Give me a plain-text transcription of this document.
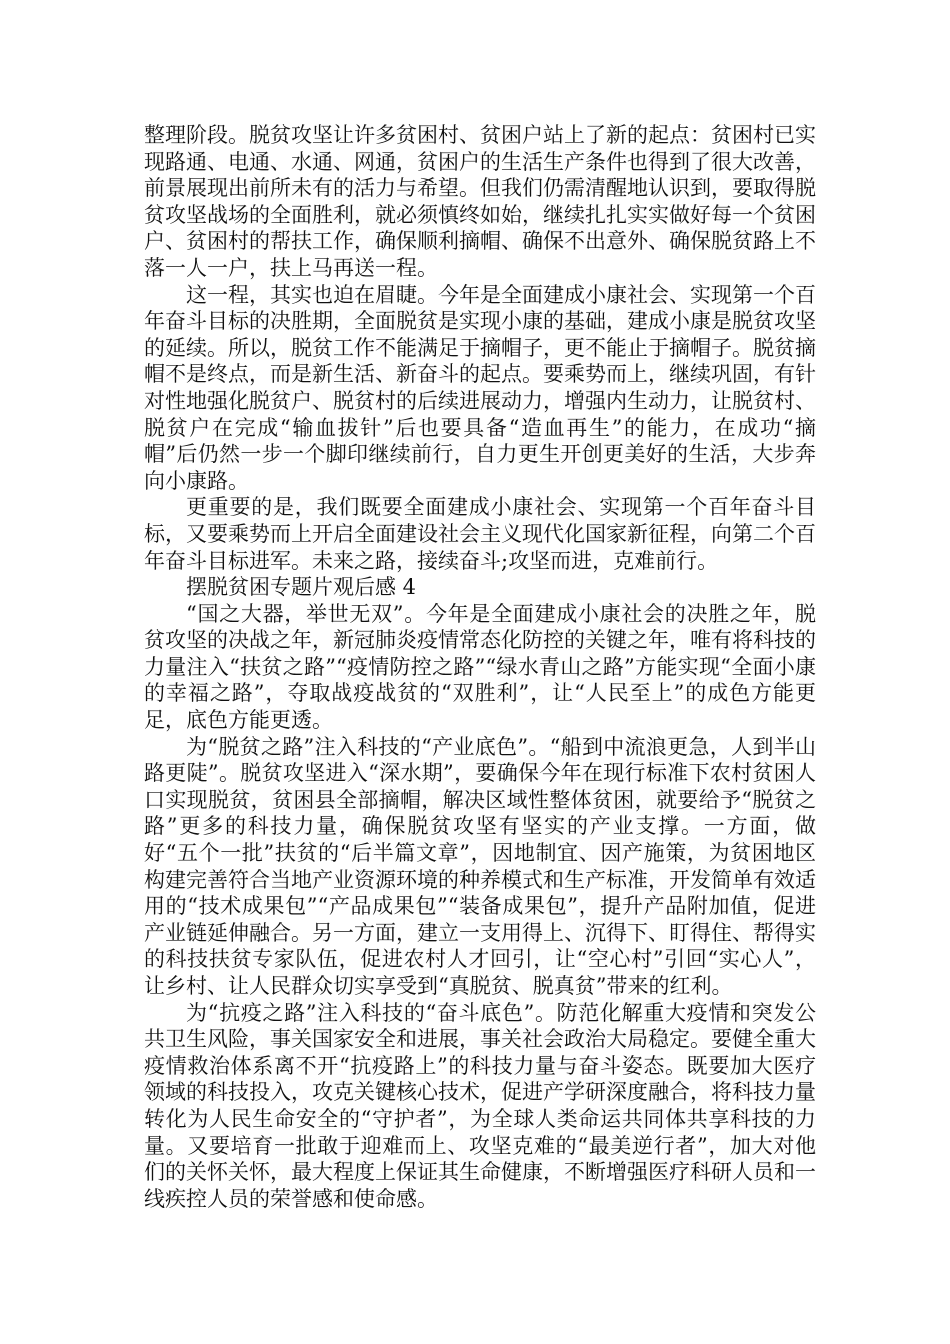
整理阶段。脱贫攻坚让许多贫困村、贫困户站上了新的起点：贫困村已实现路通、电通、水通、网通，贫困户的生活生产条件也得到了很大改善，前景展现出前所未有的活力与希望。但我们仍需清醒地认识到，要取得脱贫攻坚战场的全面胜利，就必须慎终如始，继续扎扎实实做好每一个贫困户、贫困村的帮扶工作，确保顺利摘帽、确保不出意外、确保脱贫路上不落一人一户，扶上马再送一程。

这一程，其实也迫在眉睫。今年是全面建成小康社会、实现第一个百年奋斗目标的决胜期，全面脱贫是实现小康的基础，建成小康是脱贫攻坚的延续。所以，脱贫工作不能满足于摘帽子，更不能止于摘帽子。脱贫摘帽不是终点，而是新生活、新奋斗的起点。要乘势而上，继续巩固，有针对性地强化脱贫户、脱贫村的后续进展动力，增强内生动力，让脱贫村、脱贫户在完成“输血拔针”后也要具备“造血再生”的能力，在成功“摘帽”后仍然一步一个脚印继续前行，自力更生开创更美好的生活，大步奔向小康路。

更重要的是，我们既要全面建成小康社会、实现第一个百年奋斗目标，又要乘势而上开启全面建设社会主义现代化国家新征程，向第二个百年奋斗目标进军。未来之路，接续奋斗;攻坚而进，克难前行。

摆脱贫困专题片观后感 4

“国之大器，举世无双”。今年是全面建成小康社会的决胜之年，脱贫攻坚的决战之年，新冠肺炎疫情常态化防控的关键之年，唯有将科技的力量注入“扶贫之路”“疫情防控之路”“绿水青山之路”方能实现“全面小康的幸福之路”，夺取战疫战贫的“双胜利”，让“人民至上”的成色方能更足，底色方能更透。

为“脱贫之路”注入科技的“产业底色”。“船到中流浪更急，人到半山路更陡”。脱贫攻坚进入“深水期”，要确保今年在现行标准下农村贫困人口实现脱贫，贫困县全部摘帽，解决区域性整体贫困，就要给予“脱贫之路”更多的科技力量，确保脱贫攻坚有坚实的产业支撑。一方面，做好“五个一批”扶贫的“后半篇文章”，因地制宜、因产施策，为贫困地区构建完善符合当地产业资源环境的种养模式和生产标准，开发简单有效适用的“技术成果包”“产品成果包”“装备成果包”，提升产品附加值，促进产业链延伸融合。另一方面，建立一支用得上、沉得下、盯得住、帮得实的科技扶贫专家队伍，促进农村人才回引，让“空心村”引回“实心人”，让乡村、让人民群众切实享受到“真脱贫、脱真贫”带来的红利。

为“抗疫之路”注入科技的“奋斗底色”。防范化解重大疫情和突发公共卫生风险，事关国家安全和进展，事关社会政治大局稳定。要健全重大疫情救治体系离不开“抗疫路上”的科技力量与奋斗姿态。既要加大医疗领域的科技投入，攻克关键核心技术，促进产学研深度融合，将科技力量转化为人民生命安全的“守护者”，为全球人类命运共同体共享科技的力量。又要培育一批敢于迎难而上、攻坚克难的“最美逆行者”，加大对他们的关怀关怀，最大程度上保证其生命健康，不断增强医疗科研人员和一线疾控人员的荣誉感和使命感。
